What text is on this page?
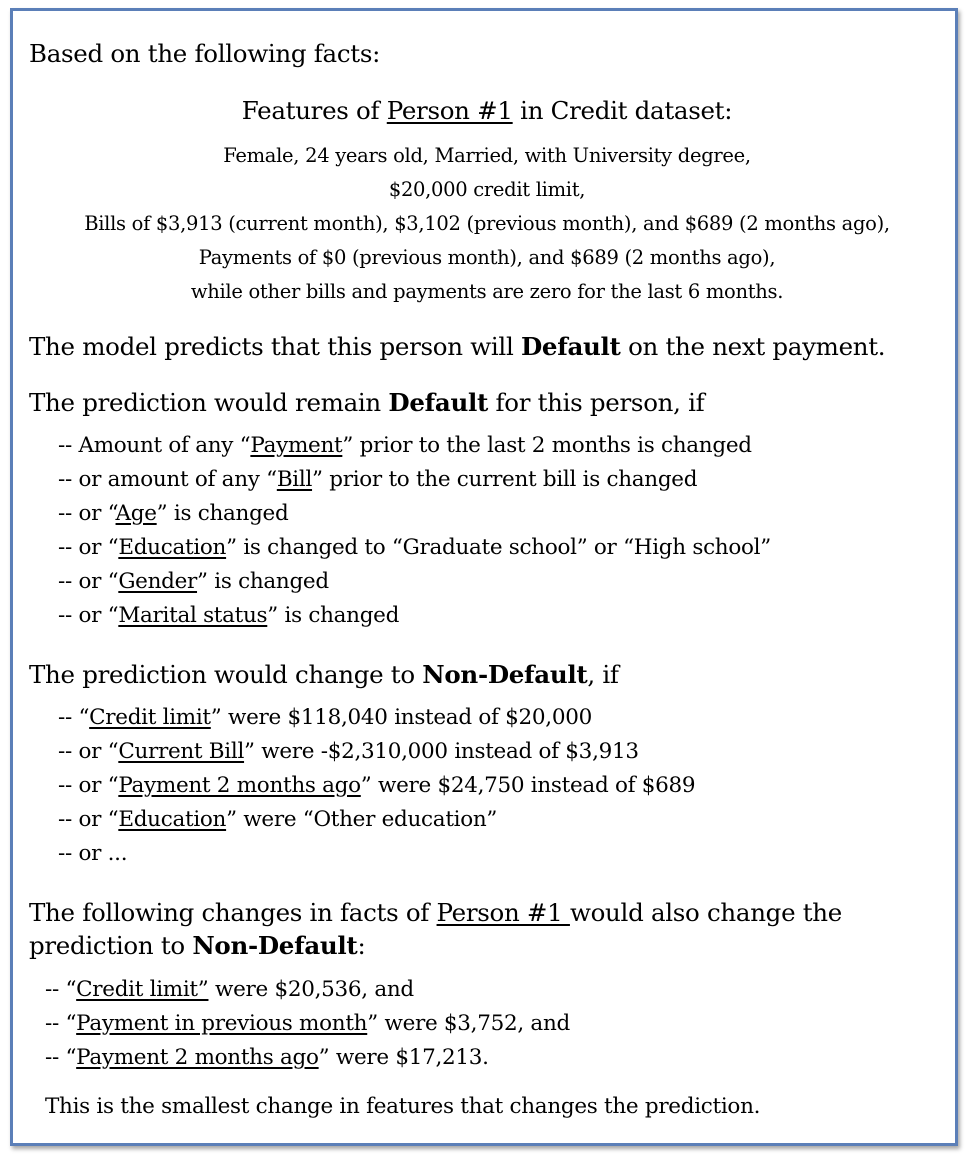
Based on the following facts:
Features of Person #1 in Credit dataset:
Female, 24 years old, Married, with University degree,
$20,000 credit limit,
Bills of $3,913 (current month), $3,102 (previous month), and $689 (2 months ago),
Payments of $0 (previous month), and $689 (2 months ago),
while other bills and payments are zero for the last 6 months.
The model predicts that this person will Default on the next payment.
The prediction would remain Default for this person, if
-- Amount of any “Payment” prior to the last 2 months is changed
-- or amount of any “Bill” prior to the current bill is changed
-- or “Age” is changed
-- or “Education” is changed to “Graduate school” or “High school”
-- or “Gender” is changed
-- or “Marital status” is changed
The prediction would change to Non-Default, if
-- “Credit limit” were $118,040 instead of $20,000
-- or “Current Bill” were -$2,310,000 instead of $3,913
-- or “Payment 2 months ago” were $24,750 instead of $689
-- or “Education” were “Other education”
-- or ...
The following changes in facts of Person #1 would also change the
prediction to Non-Default:
-- “Credit limit” were $20,536, and
-- “Payment in previous month” were $3,752, and
-- “Payment 2 months ago” were $17,213.
This is the smallest change in features that changes the prediction.
